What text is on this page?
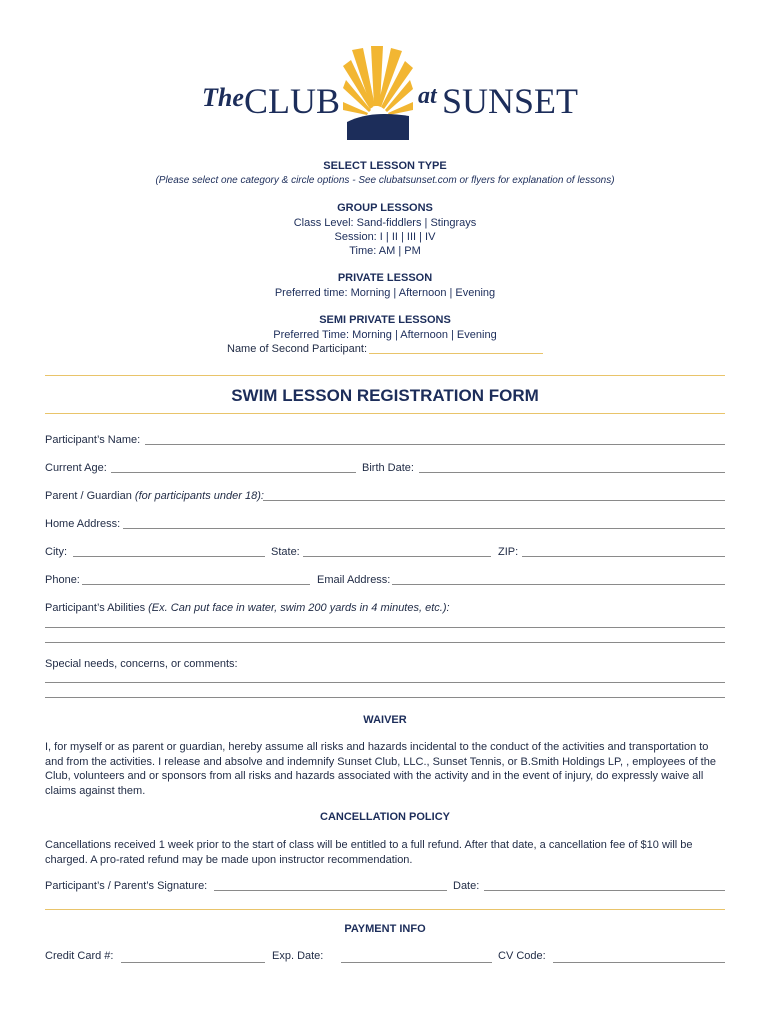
The CLUB	at SUNSET
SELECT LESSON TYPE
(Please select one category & circle options - See clubatsunset.com or flyers for explanation of lessons)
GROUP LESSONS
Class Level: Sand-fiddlers | Stingrays
Session: I | II | III | IV
Time: AM | PM
PRIVATE LESSON
Preferred time: Morning | Afternoon | Evening
SEMI PRIVATE LESSONS
Preferred Time: Morning | Afternoon | Evening
Name of Second Participant:
SWIM LESSON REGISTRATION FORM
Participant’s Name:
Current Age:	Birth Date:
Parent / Guardian (for participants under 18):
Home Address:
City:	State:	ZIP:
Phone:	Email Address:
Participant’s Abilities (Ex. Can put face in water, swim 200 yards in 4 minutes, etc.):
Special needs, concerns, or comments:
WAIVER
I, for myself or as parent or guardian, hereby assume all risks and hazards incidental to the conduct of the activities and transportation to and from the activities. I release and absolve and indemnify Sunset Club, LLC., Sunset Tennis, or B.Smith Holdings LP, , employees of the Club, volunteers and or sponsors from all risks and hazards associated with the activity and in the event of injury, do expressly waive all claims against them.
CANCELLATION POLICY
Cancellations received 1 week prior to the start of class will be entitled to a full refund. After that date, a cancellation fee of $10 will be charged. A pro-rated refund may be made upon instructor recommendation.
Participant’s / Parent’s Signature:	Date:
PAYMENT INFO
Credit Card #:	Exp. Date:	CV Code:
